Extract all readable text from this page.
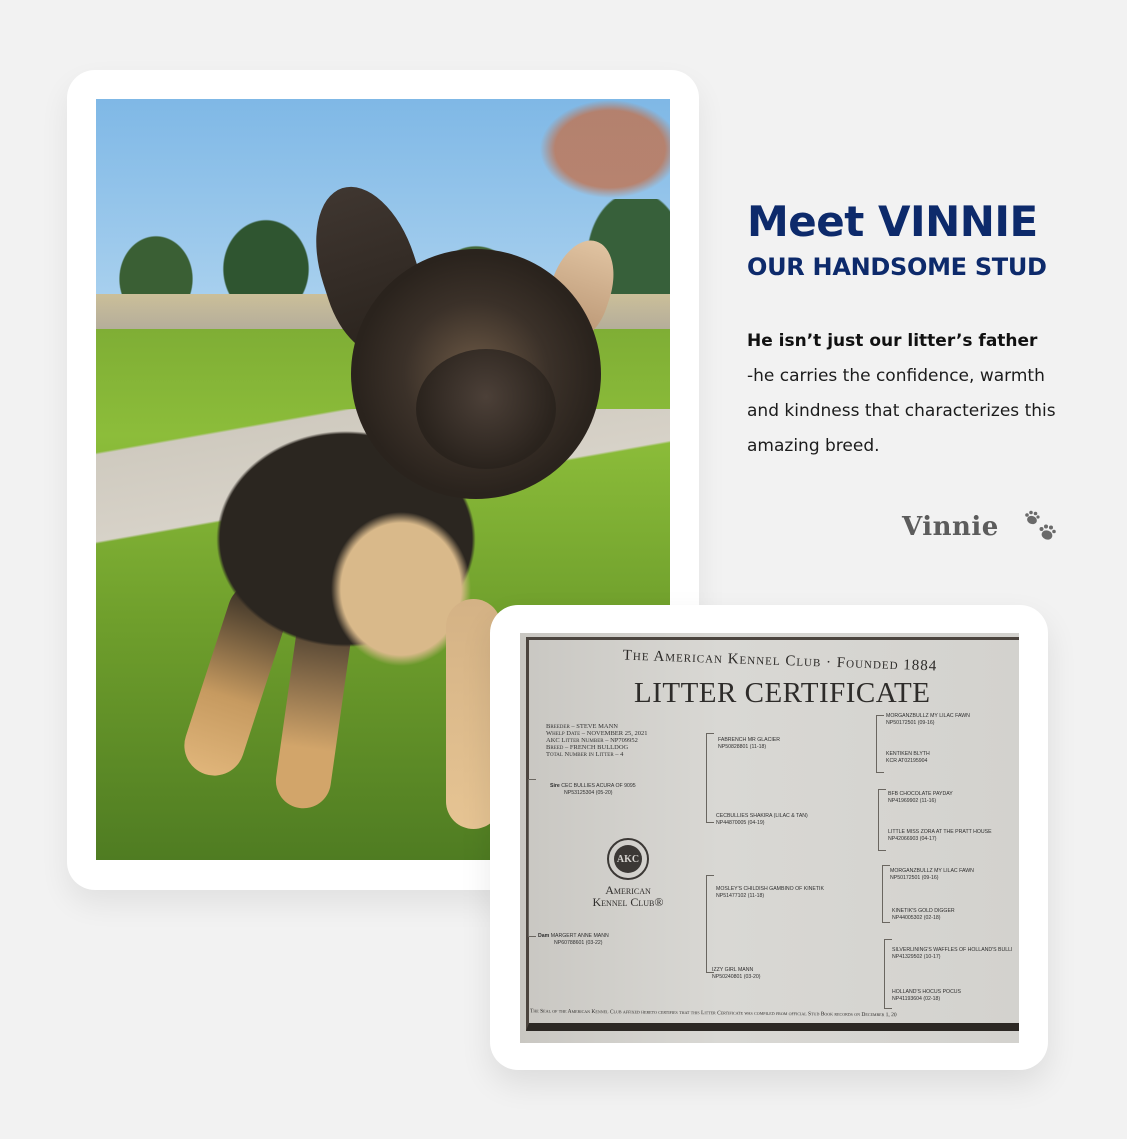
Meet VINNIE
OUR HANDSOME STUD

He isn’t just our litter’s father

-he carries the confidence, warmth
and kindness that characterizes this
amazing breed.

Vinnie
The American Kennel Club · Founded 1884
LITTER CERTIFICATE
Breeder – STEVE MANN
Whelp Date – NOVEMBER 25, 2021
AKC Litter Number – NP709952
Breed – FRENCH BULLDOG
Total Number in Litter – 4
Sire CEC BULLIES ACURA OF 9095
NP53125304 (05-20)
Dam MARGERT ANNE MANN
NP60788601 (03-22)
AKC
American
Kennel Club®
FABRENCH MR GLACIER
NP50828801 (11-18)
CECBULLIES SHAKIRA (LILAC & TAN)
NP44870005 (04-19)
MOSLEY'S CHILDISH GAMBINO OF KINETIK
NP51477102 (11-18)
IZZY GIRL MANN
NP50240801 (03-20)
MORGANZBULLZ MY LILAC FAWN
NP50172501 (09-16)
KENTIKEN BLYTH
KCR AT02195904
BFB CHOCOLATE PAYDAY
NP41969902 (11-16)
LITTLE MISS ZORA AT THE PRATT HOUSE
NP42066903 (04-17)
MORGANZBULLZ MY LILAC FAWN
NP50172501 (09-16)
KINETIK'S GOLD DIGGER
NP44005302 (02-18)
SILVERLINING'S WAFFLES OF HOLLAND'S BULLI
NP41329502 (10-17)
HOLLAND'S HOCUS POCUS
NP41193604 (02-18)
The Seal of the American Kennel Club affixed hereto certifies that this Litter Certificate was compiled from official Stud Book records on December 1, 20
